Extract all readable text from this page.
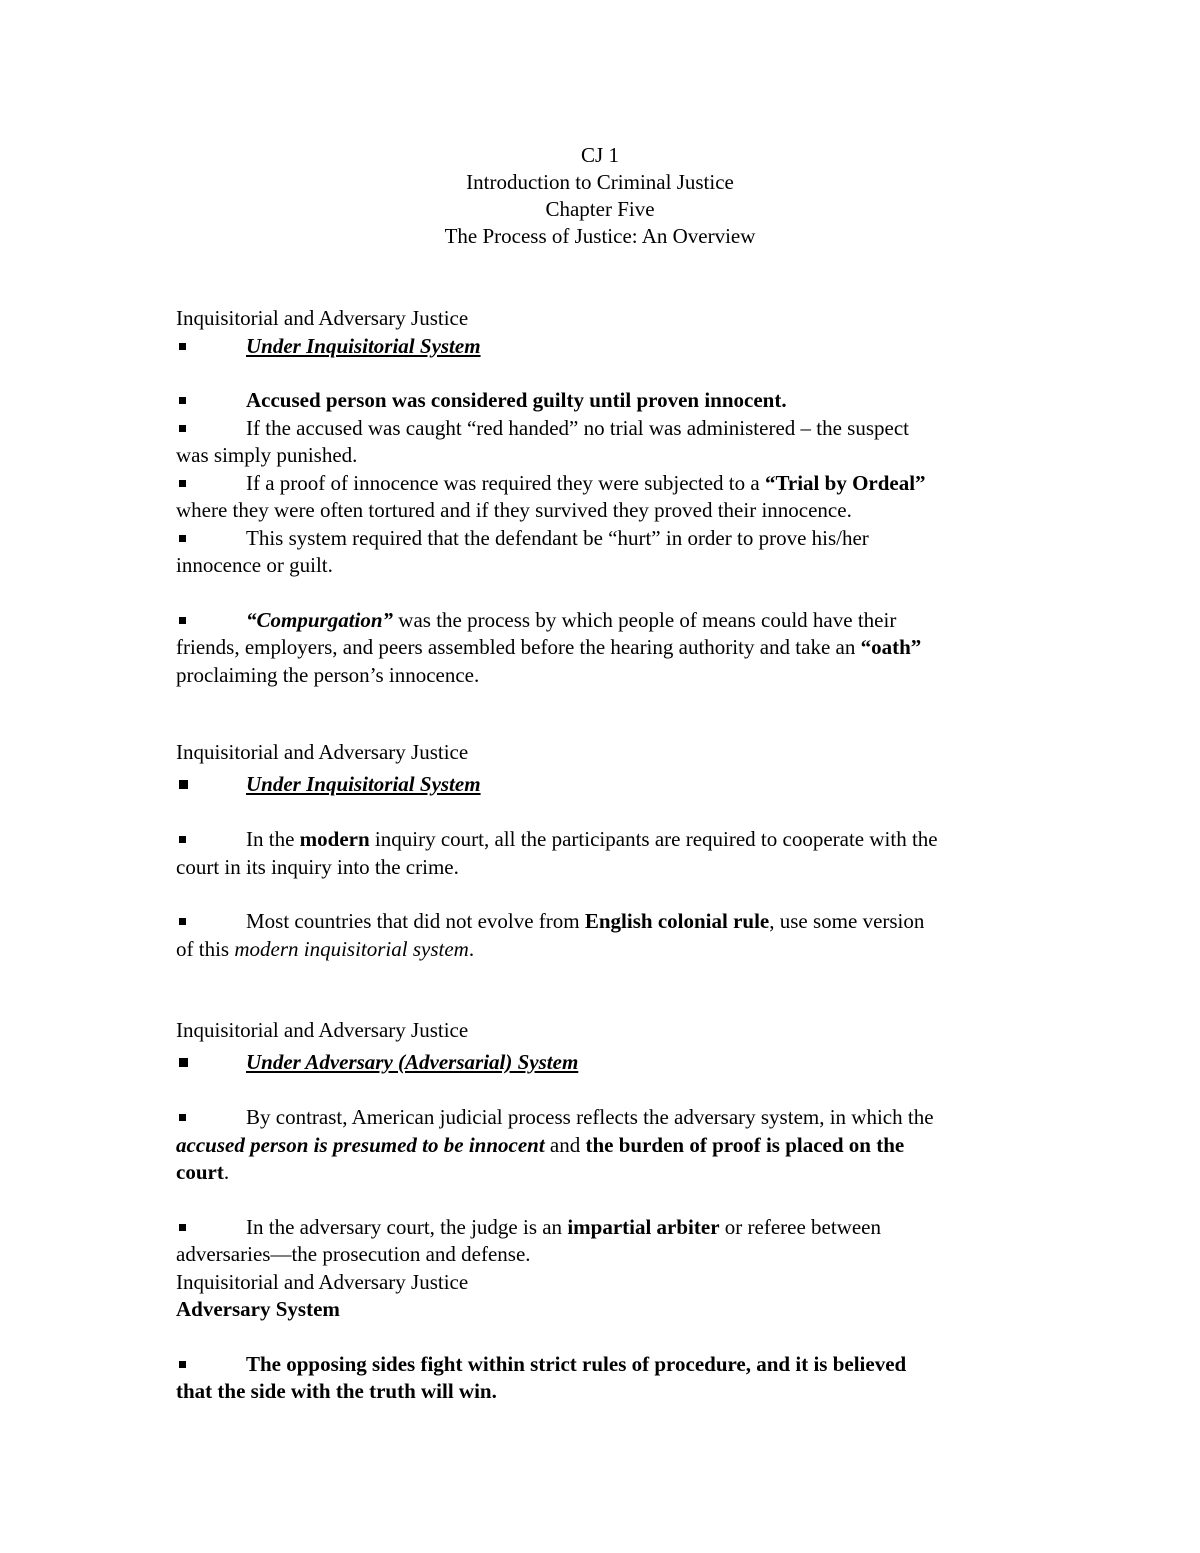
CJ 1
Introduction to Criminal Justice
Chapter Five
The Process of Justice: An Overview
Inquisitorial and Adversary Justice
Under Inquisitorial System
Accused person was considered guilty until proven innocent.
If the accused was caught “red handed” no trial was administered – the suspect
was simply punished.
If a proof of innocence was required they were subjected to a “Trial by Ordeal”
where they were often tortured and if they survived they proved their innocence.
This system required that the defendant be “hurt” in order to prove his/her
innocence or guilt.
“Compurgation” was the process by which people of means could have their
friends, employers, and peers assembled before the hearing authority and take an “oath”
proclaiming the person’s innocence.
Inquisitorial and Adversary Justice
Under Inquisitorial System
In the modern inquiry court, all the participants are required to cooperate with the
court in its inquiry into the crime.
Most countries that did not evolve from English colonial rule, use some version
of this modern inquisitorial system.
Inquisitorial and Adversary Justice
Under Adversary (Adversarial) System
By contrast, American judicial process reflects the adversary system, in which the
accused person is presumed to be innocent and the burden of proof is placed on the
court.
In the adversary court, the judge is an impartial arbiter or referee between
adversaries—the prosecution and defense.
Inquisitorial and Adversary Justice
Adversary System
The opposing sides fight within strict rules of procedure, and it is believed
that the side with the truth will win.
